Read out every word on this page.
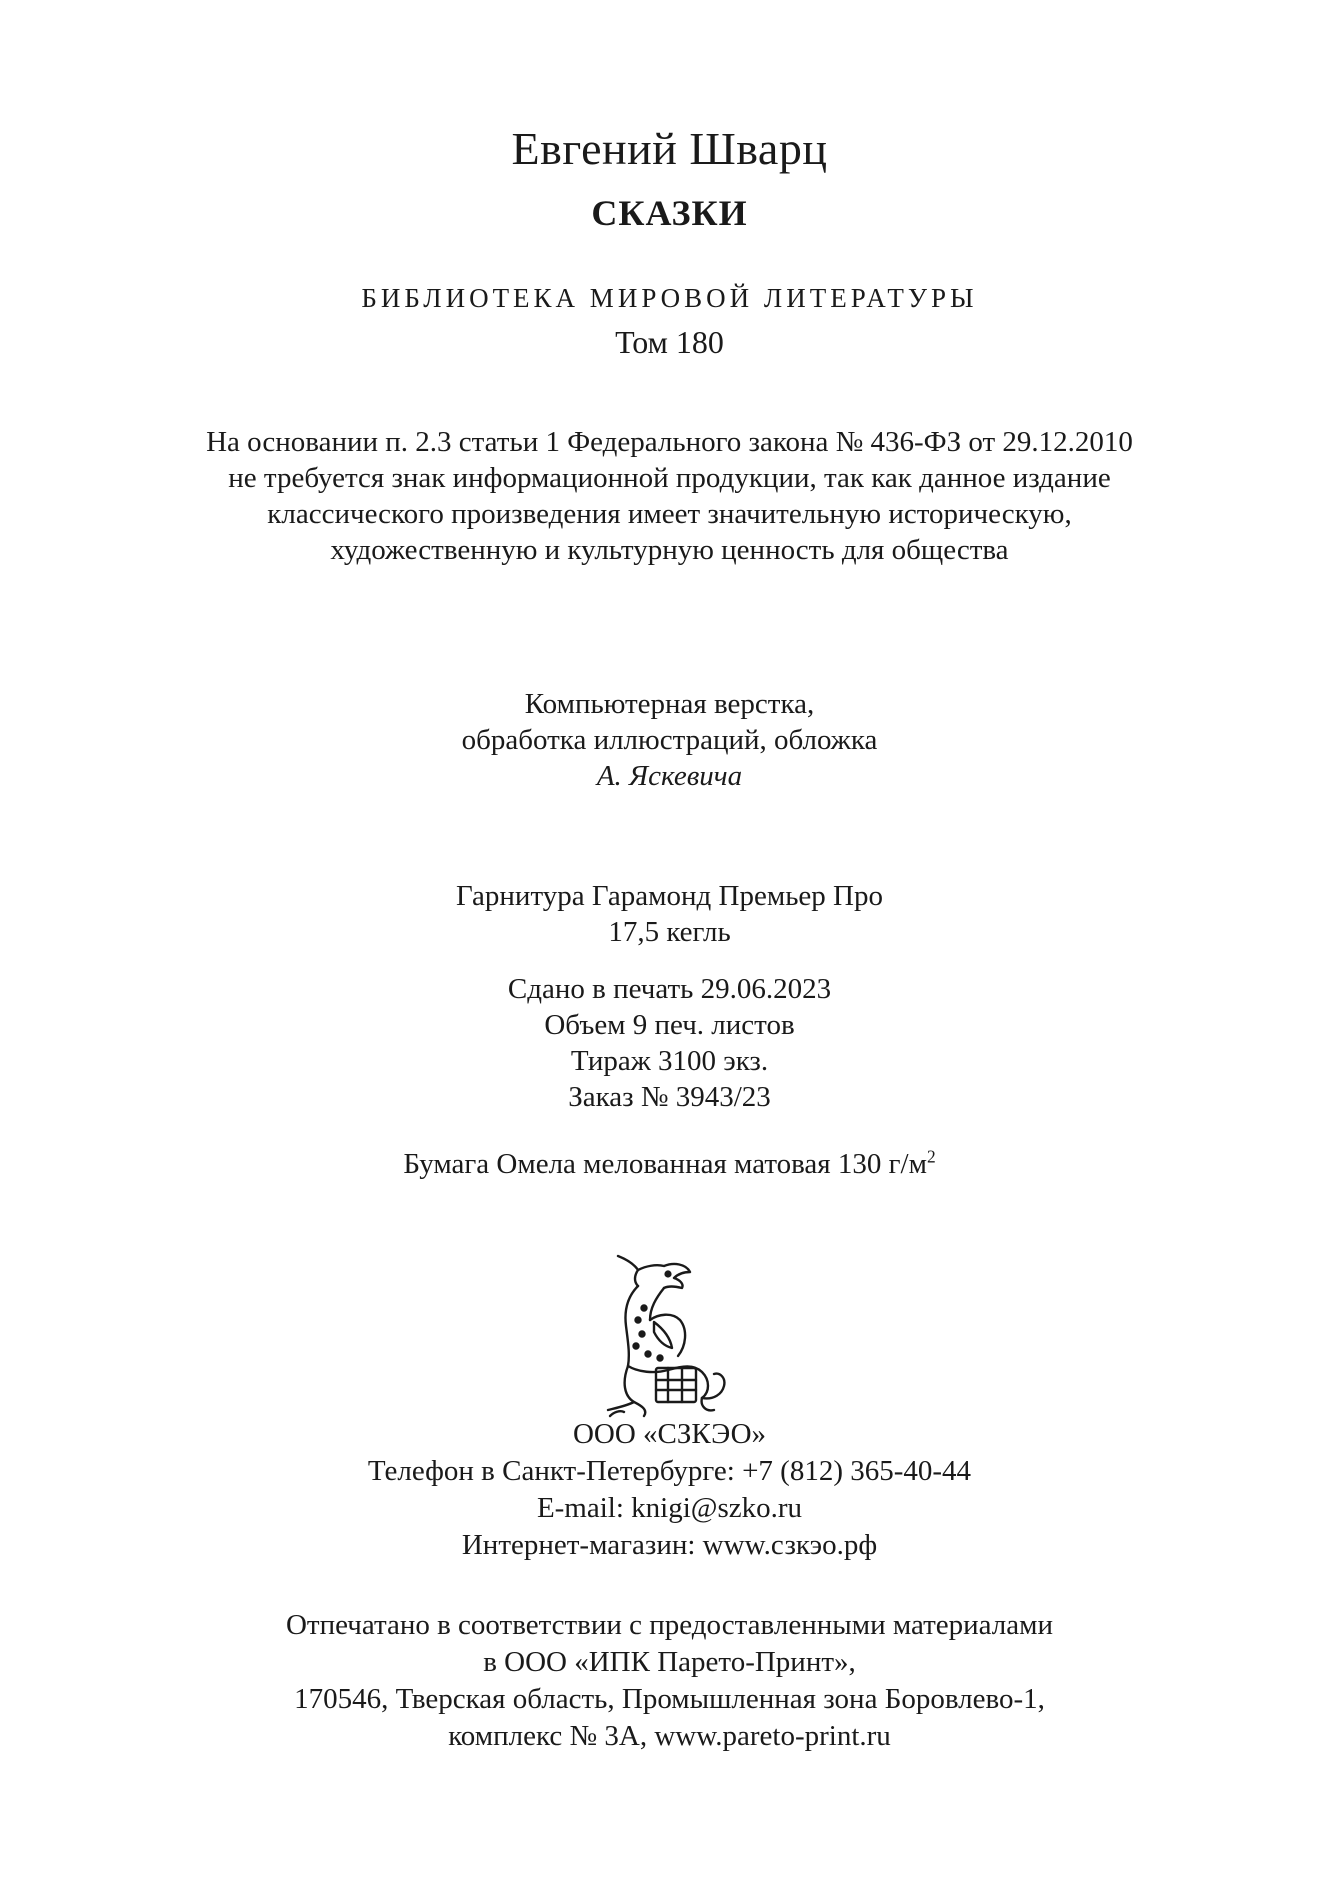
Евгений Шварц
СКАЗКИ
БИБЛИОТЕКА МИРОВОЙ ЛИТЕРАТУРЫ
Том 180
На основании п. 2.3 статьи 1 Федерального закона № 436-ФЗ от 29.12.2010
не требуется знак информационной продукции, так как данное издание
классического произведения имеет значительную историческую,
художественную и культурную ценность для общества
Компьютерная верстка,
обработка иллюстраций, обложка
А. Яскевича
Гарнитура Гарамонд Премьер Про
17,5 кегль
Сдано в печать 29.06.2023
Объем 9 печ. листов
Тираж 3100 экз.
Заказ № 3943/23
Бумага Омела мелованная матовая 130 $г/м^2$
ООО «СЗКЭО»
Телефон в Санкт-Петербурге: +7 (812) 365-40-44
E-mail: knigi@szko.ru
Интернет-магазин: www.сзкэо.рф
Отпечатано в соответствии с предоставленными материалами
в ООО «ИПК Парето-Принт»,
170546, Тверская область, Промышленная зона Боровлево-1,
комплекс № 3А, www.pareto-print.ru
